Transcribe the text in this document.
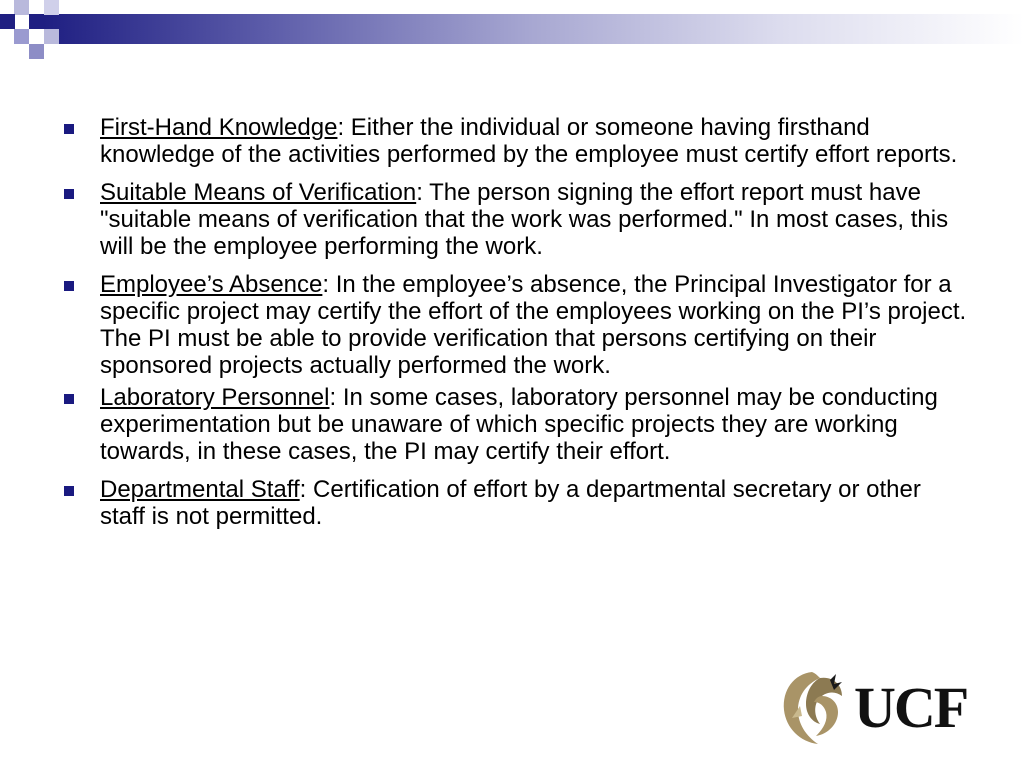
First-Hand Knowledge: Either the individual or someone having firsthand knowledge of the activities performed by the employee must certify effort reports.
Suitable Means of Verification: The person signing the effort report must have "suitable means of verification that the work was performed." In most cases, this will be the employee performing the work.
Employee’s Absence: In the employee’s absence, the Principal Investigator for a specific project may certify the effort of the employees working on the PI’s project. The PI must be able to provide verification that persons certifying on their sponsored projects actually performed the work.
Laboratory Personnel: In some cases, laboratory personnel may be conducting experimentation but be unaware of which specific projects they are working towards, in these cases, the PI may certify their effort.
Departmental Staff: Certification of effort by a departmental secretary or other staff is not permitted.
UCF
